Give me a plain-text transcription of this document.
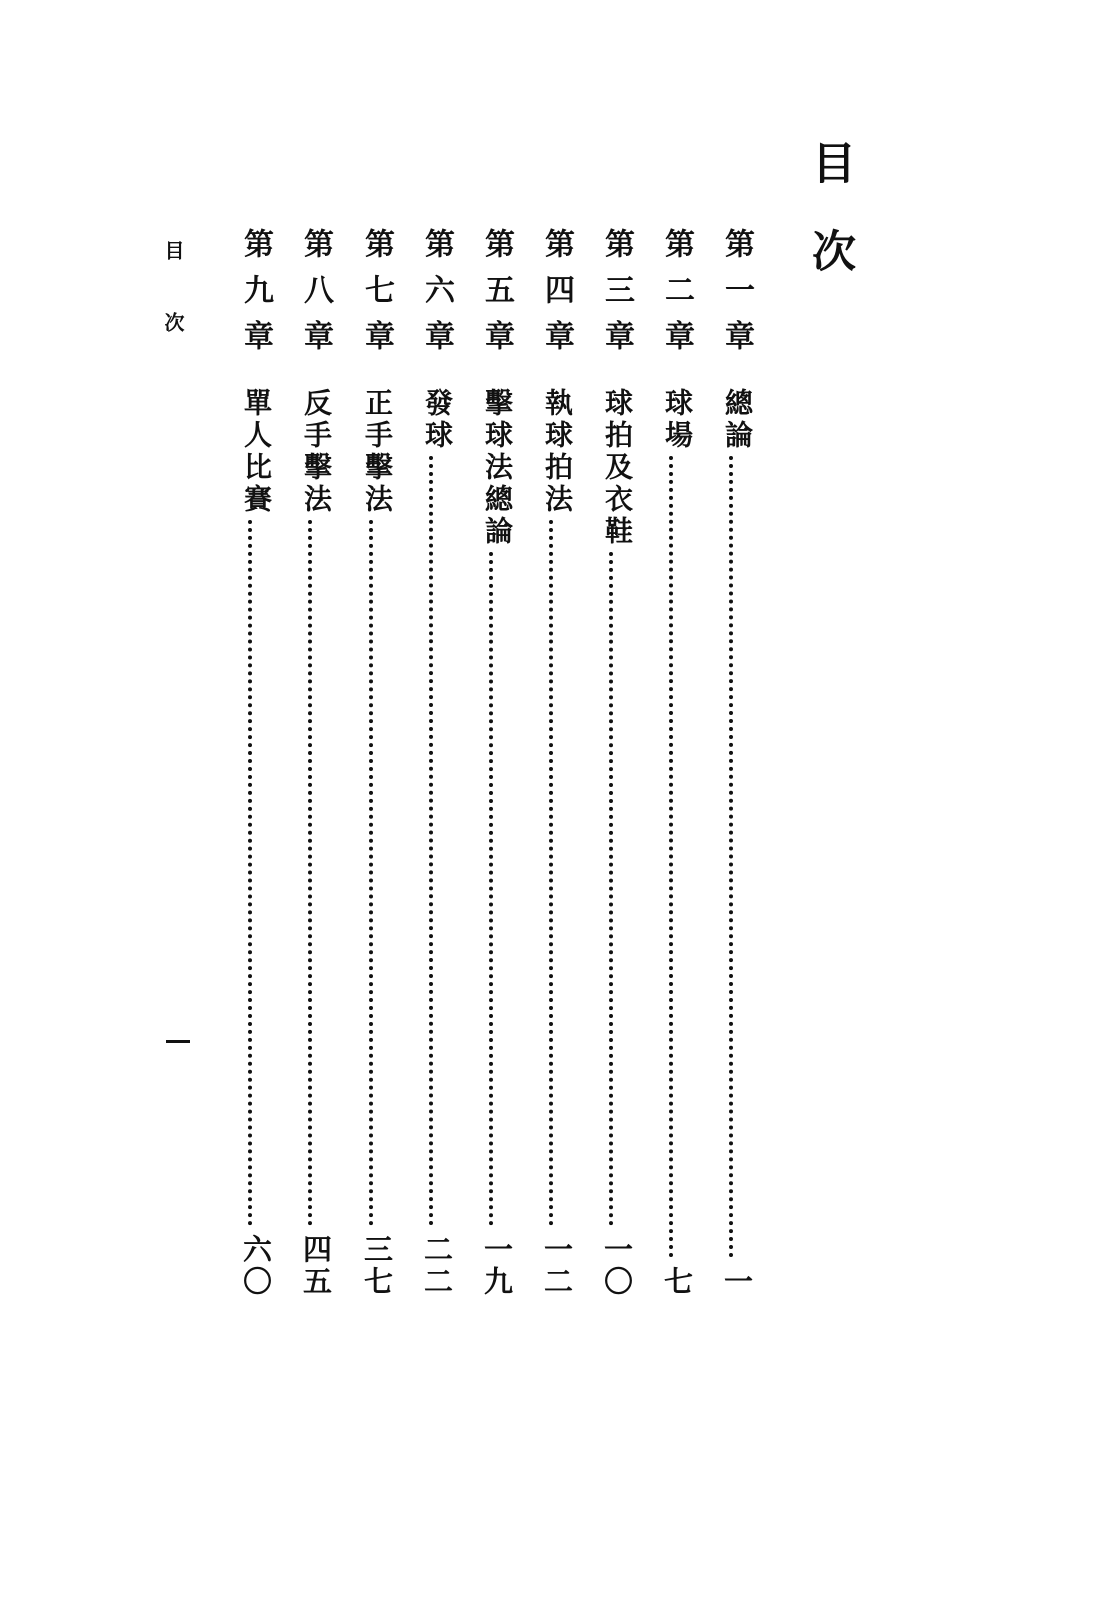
目次
目次	第一章
總論
一
第二章
球場
七
第三章
球拍及衣鞋
一〇
第四章
執球拍法
一二
第五章
擊球法總論
一九
第六章
發球
二二
第七章
正手擊法
三七
第八章
反手擊法
四五
第九章
單人比賽
六〇
